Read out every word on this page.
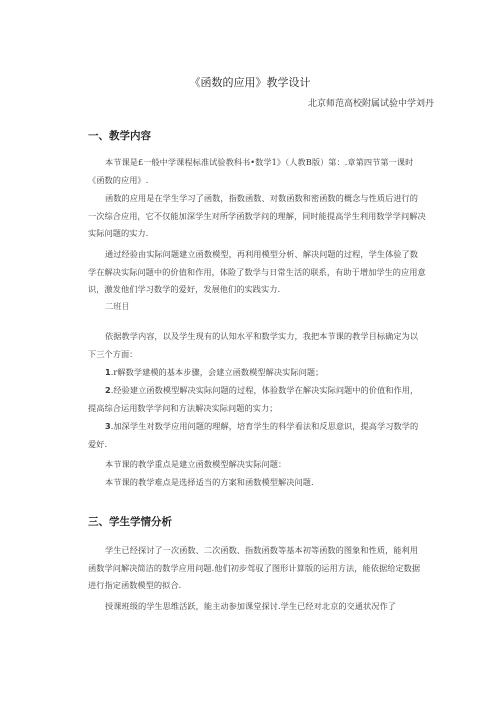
《函数的应用》教学设计
北京师范高校附属试验中学刘丹
一、教学内容
本节课是£一般中学课程标准试验教科书•数学1》（人教B版）第：.章第四节第一课时《函数的应用》.
函数的应用是在学生学习了函数，指数函数、对数函数和密函数的概念与性质后进行的一次综合应用，它不仅能加深学生对所学函数学问的理解，同时能提高学生利用数学学问解决实际问题的实力.
通过经验由实际问题建立函数模型，再利用模型分析、解决问题的过程，学生体验了数学在解决实际问题中的价值和作用，体险了数学与日常生活的联系，有助于增加学生的应用意识，激发他们学习数学的爱好，发展他们的实践实力.
二班目
依据教学内容，以及学生现有的认知水平和数学实力，我把本节课的教学目标确定为以下三个方面：
1.r解数学建模的基本步骤，会建立函数模型解决实际问题；
2.经验建立函数模型解决实际问题的过程，体验数学在解决实际问题中的价值和作用，提高综合运用数学学问和方法解决实际问题的实力；
3.加深学生对数学应用问题的理解，培育学生的科学看法和反思意识，提高学习数学的爱好.
本节课的教学重点是建立函数模型解决实际问题：
本节课的教学难点是选择适当的方案和函数模型解决问题.
三、学生学情分析
学生已经探讨了一次函数、二次函数、指数函数等基本初等函数的图象和性质，能利用函数学问解决简洁的数学应用问题.他们初步驾驭了图形计算版的运用方法，能依据给定数据进行指定函数模型的拟合.
授课班级的学生思维活跃，能主动参加课堂探讨.学生已经对北京的交通状况作了
